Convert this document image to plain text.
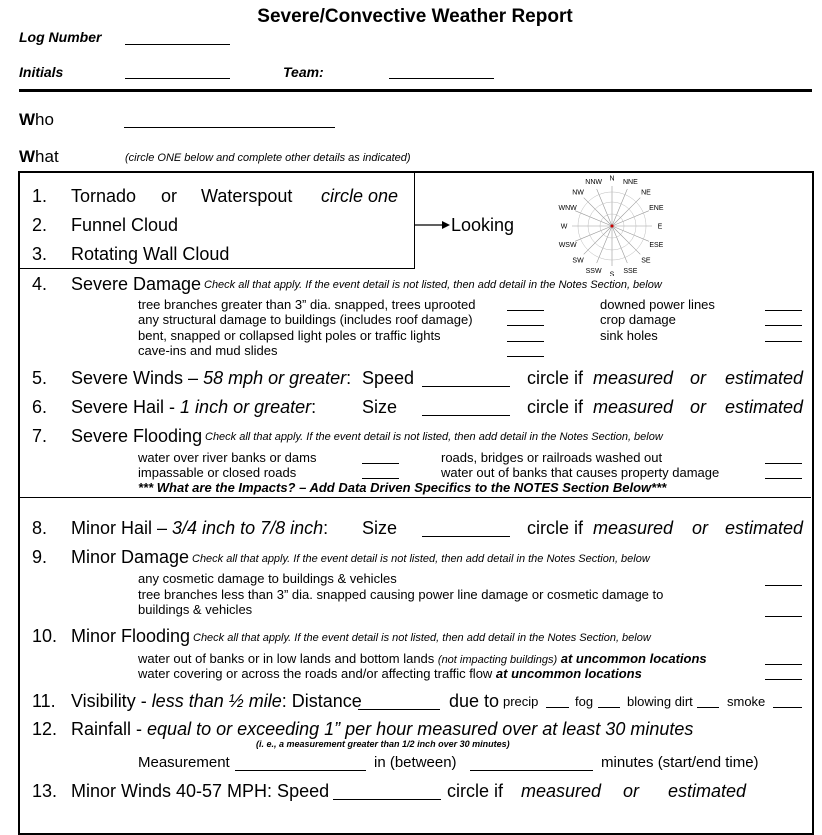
Severe/Convective Weather Report
Log Number
Initials	Team:
Who
What	(circle ONE below and complete other details as indicated)
1. Tornado or Waterspout circle one
2. Funnel Cloud
3. Rotating Wall Cloud
Looking
N
NNE
NE
ENE
E
ESE
SE
SSE
S
SSW
SW
WSW
W
WNW
NW
NNW
4. Severe Damage Check all that apply. If the event detail is not listed, then add detail in the Notes Section, below
tree branches greater than 3” dia. snapped, trees uprooted
any structural damage to buildings (includes roof damage)
bent, snapped or collapsed light poles or traffic lights
cave-ins and mud slides
downed power lines
crop damage
sink holes
5. Severe Winds – 58 mph or greater: Speed	circle if measured or estimated
6. Severe Hail - 1 inch or greater:	Size	circle if measured or estimated
7. Severe Flooding Check all that apply. If the event detail is not listed, then add detail in the Notes Section, below
water over river banks or dams
impassable or closed roads
roads, bridges or railroads washed out
water out of banks that causes property damage
*** What are the Impacts? – Add Data Driven Specifics to the NOTES Section Below***
8. Minor Hail – 3/4 inch to 7/8 inch: Size	circle if measured or estimated
9. Minor Damage Check all that apply. If the event detail is not listed, then add detail in the Notes Section, below
any cosmetic damage to buildings & vehicles
tree branches less than 3” dia. snapped causing power line damage or cosmetic damage to
buildings & vehicles
10. Minor Flooding Check all that apply. If the event detail is not listed, then add detail in the Notes Section, below
water out of banks or in low lands and bottom lands (not impacting buildings) at uncommon locations
water covering or across the roads and/or affecting traffic flow at uncommon locations
11. Visibility - less than ½ mile: Distance	due to precip	fog	blowing dirt	smoke
12. Rainfall - equal to or exceeding 1” per hour measured over at least 30 minutes
(i. e., a measurement greater than 1/2 inch over 30 minutes)
Measurement	in (between)	minutes (start/end time)
13. Minor Winds 40-57 MPH: Speed	circle if measured or estimated
